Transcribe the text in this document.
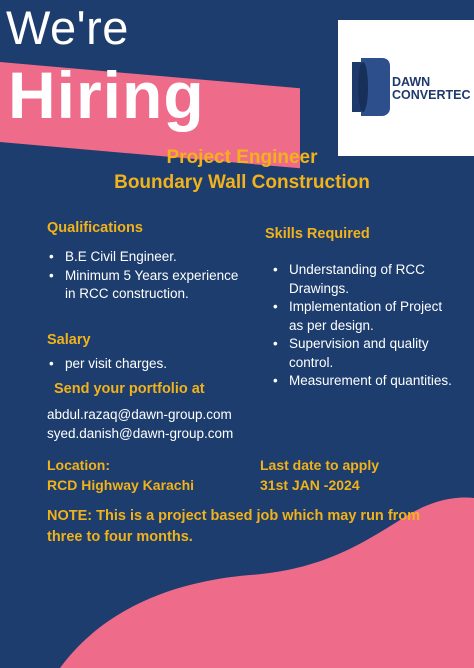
We're
Hiring	DAWN
CONVERTEC
Project Engineer
Boundary Wall Construction
Qualifications
• B.E Civil Engineer.
• Minimum 5 Years experience in RCC construction.
Skills Required
• Understanding of RCC Drawings.
• Implementation of Project as per design.
• Supervision and quality control.
• Measurement of quantities.
Salary
• per visit charges.
Send your portfolio at
abdul.razaq@dawn-group.com
syed.danish@dawn-group.com
Location:
RCD Highway Karachi
Last date to apply
31st JAN -2024
NOTE: This is a project based job which may run from three to four months.
